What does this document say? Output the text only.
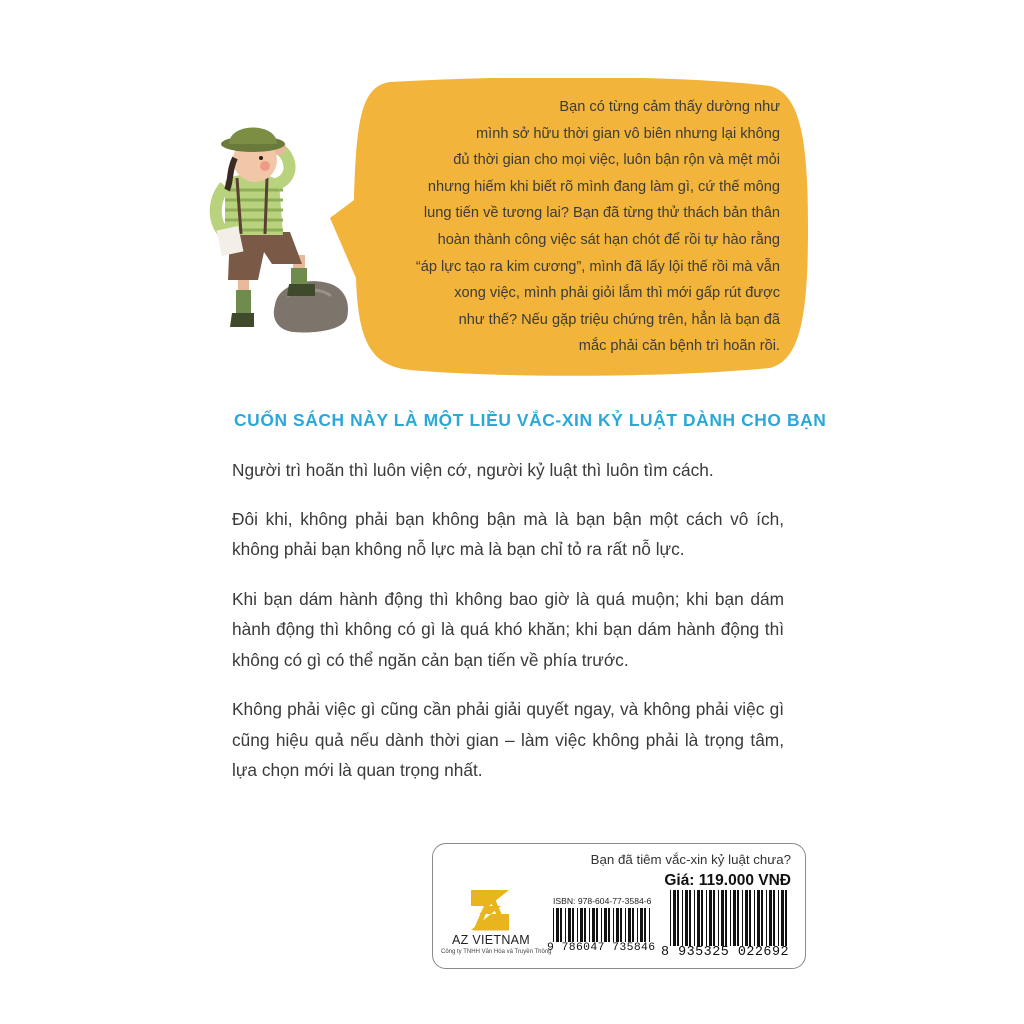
Bạn có từng cảm thấy dường như
mình sở hữu thời gian vô biên nhưng lại không
đủ thời gian cho mọi việc, luôn bận rộn và mệt mỏi
nhưng hiếm khi biết rõ mình đang làm gì, cứ thế mông
lung tiến về tương lai? Bạn đã từng thử thách bản thân
hoàn thành công việc sát hạn chót để rồi tự hào rằng
“áp lực tạo ra kim cương”, mình đã lấy lội thế rồi mà vẫn
xong việc, mình phải giỏi lắm thì mới gấp rút được
như thế? Nếu gặp triệu chứng trên, hẳn là bạn đã
mắc phải căn bệnh trì hoãn rồi.
CUỐN SÁCH NÀY LÀ MỘT LIỀU VẮC-XIN KỶ LUẬT DÀNH CHO BẠN

Người trì hoãn thì luôn viện cớ, người kỷ luật thì luôn tìm cách.

Đôi khi, không phải bạn không bận mà là bạn bận một cách vô ích, không phải bạn không nỗ lực mà là bạn chỉ tỏ ra rất nỗ lực.

Khi bạn dám hành động thì không bao giờ là quá muộn; khi bạn dám hành động thì không có gì là quá khó khăn; khi bạn dám hành động thì không có gì có thể ngăn cản bạn tiến về phía trước.

Không phải việc gì cũng cần phải giải quyết ngay, và không phải việc gì cũng hiệu quả nếu dành thời gian – làm việc không phải là trọng tâm, lựa chọn mới là quan trọng nhất.

Bạn đã tiêm vắc-xin kỷ luật chưa?
Giá: 119.000 VNĐ
AZ VIETNAM
Công ty TNHH Văn Hóa và Truyền Thông
ISBN: 978-604-77-3584-6
9 786047 735846 8 935325 022692
